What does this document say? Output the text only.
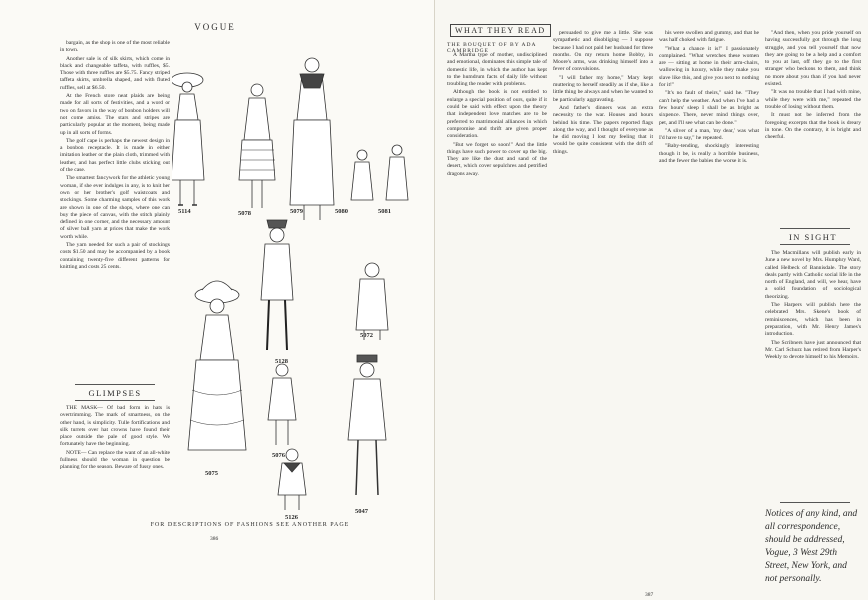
VOGUE

bargain, as the shop is one of the most reliable in town.

Another sale is of silk skirts, which come in black and changeable taffeta, with ruffles, $5. Those with three ruffles are $5.75. Fancy striped taffeta skirts, umbrella shaped, and with fluted ruffles, sell at $6.50.

At the French store neat plaids are being made for all sorts of festivities, and a word or two on favors in the way of bonbon holders will not come amiss. The stars and stripes are particularly popular at the moment, being made up in all sorts of forms.

The golf cape is perhaps the newest design in a bonbon receptacle. It is made in either imitation leather or the plain cloth, trimmed with leather, and has perfect little clubs sticking out of the case.

The smartest fancywork for the athletic young woman, if she ever indulges in any, is to knit her own or her brother's golf waistcoats and stockings. Some charming samples of this work are shown in one of the shops, where one can buy the piece of canvas, with the stitch plainly defined in one corner, and the necessary amount of silver ball yarn at prices that make the work worth while.

The yarn needed for such a pair of stockings costs $1.50 and may be accompanied by a book containing twenty-five different patterns for knitting and costs 25 cents.

GLIMPSES

THE MASK— Of bad form in hats is overtrimming. The mark of smartness, on the other hand, is simplicity. Tulle fortifications and silk turrets over hat crowns have found their place outside the pale of good style. We fortunately have the beginning.

NOTE— Can replace the want of an all-white fullness should the woman in question be planning for the season. Beware of fussy ones.

5114	5078	5079	5080	5081
5128
5072
5075
5076
5126
5047
FOR DESCRIPTIONS OF FASHIONS SEE ANOTHER PAGE
386
WHAT THEY READ
THE BOUQUET OF BY ADA CAMBRIDGE

A Martha type of mother, undisciplined and emotional, dominates this simple tale of domestic life, in which the author has kept to the humdrum facts of daily life without troubling the reader with problems.

Although the book is not entitled to enlarge a special position of ours, quite if it could be said with effect upon the theory that independent love matches are to be preferred to matrimonial alliances in which compromise and thrift are given proper consideration.

"But we forget so soon!" And the little things have such power to cover up the big. They are like the dust and sand of the desert, which cover sepulchres and petrified dragons away.

persuaded to give me a little. She was sympathetic and disobliging — I suppose because I had not paid her husband for three months. On my return home Bobby, in Moore's arms, was drinking himself into a fever of convulsions.

"I will father my home," Mary kept muttering to herself steadily as if she, like a little thing be always and when he wanted to be particularly aggravating.

And father's dinners was an extra necessity to the war. Houses and hours behind his time. The papers reported flags along the way, and I thought of everyone as he did moving I lost my feeling that it would be quite consistent with the drift of things.

his were swollen and gummy, and that he was half choked with fatigue.

"What a chance it is!" I passionately complained. "What wretches these women are — sitting at home in their arm-chairs, wallowing in luxury, while they make you slave like this, and give you next to nothing for it!"

"It's no fault of theirs," said he. "They can't help the weather. And when I've had a few hours' sleep I shall be as bright as sixpence. There, never mind things over, pet, and I'll see what can be done."

"A sliver of a man, 'my dear,' was what I'd have to say," he repeated.

"Baby-tending, shockingly interesting though it be, is really a horrible business, and the fewer the babies the worse it is.

"And then, when you pride yourself on having successfully got through the long struggle, and you tell yourself that now they are going to be a help and a comfort to you at last, off they go to the first stranger who beckons to them, and think no more about you than if you had never existed.

"It was no trouble that I had with mine, while they were with me," repeated the trouble of losing without them.

It must not be inferred from the foregoing excerpts that the book is dreary in tone. On the contrary, it is bright and cheerful.

IN SIGHT

The Macmillans will publish early in June a new novel by Mrs. Humphry Ward, called Helbeck of Bannisdale. The story deals partly with Catholic social life in the north of England, and will, we hear, have a solid foundation of sociological theorizing.

The Harpers will publish here the celebrated Mrs. Skene's book of reminiscences, which has been in preparation, with Mr. Henry James's introduction.

The Scribners have just announced that Mr. Carl Schurz has retired from Harper's Weekly to devote himself to his Memoirs.

Notices of any kind, and all correspondence, should be addressed,
Vogue, 3 West 29th Street, New York, and not personally.
387
